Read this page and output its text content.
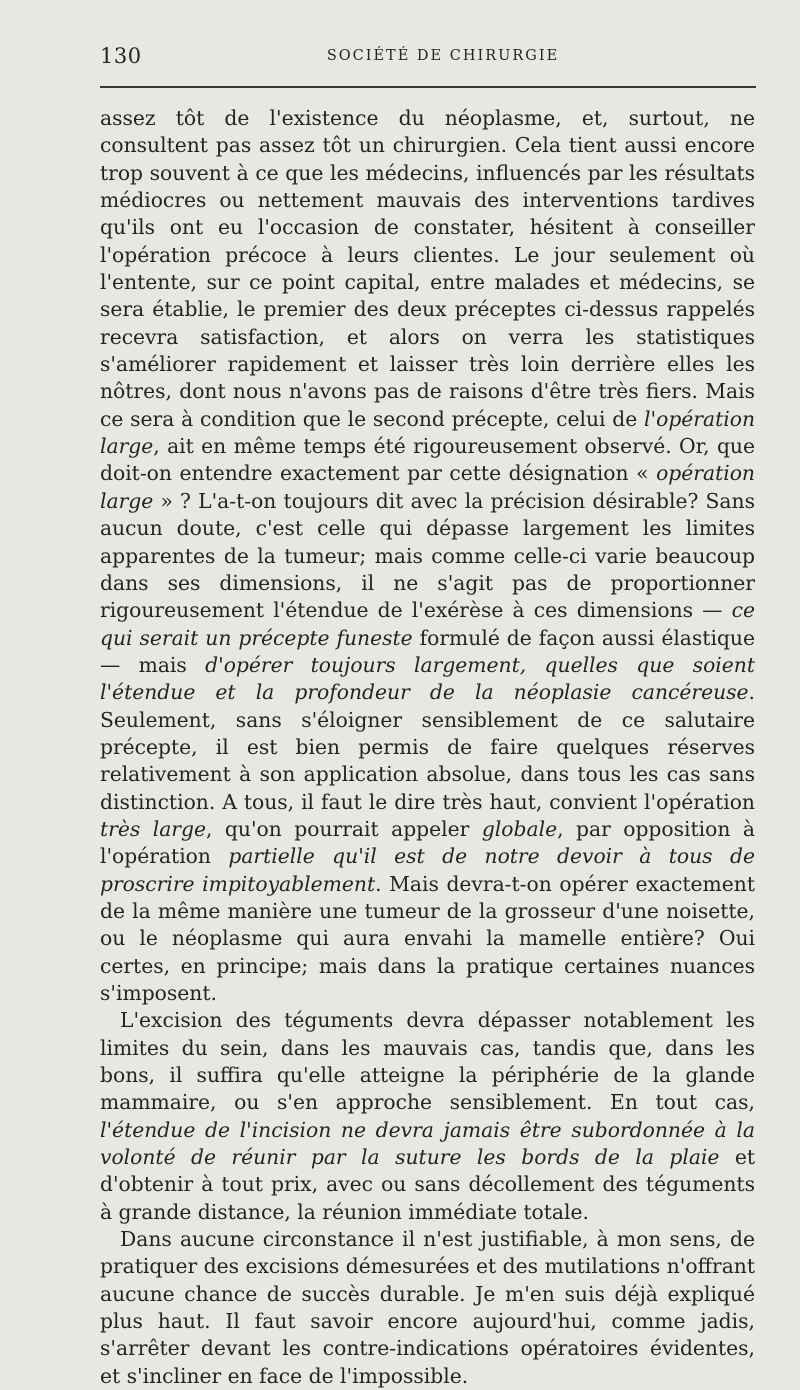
130	SOCIÉTÉ DE CHIRURGIE

assez tôt de l'existence du néoplasme, et, surtout, ne consultent pas assez tôt un chirurgien. Cela tient aussi encore trop souvent à ce que les médecins, influencés par les résultats médiocres ou nettement mauvais des interventions tardives qu'ils ont eu l'occasion de constater, hésitent à conseiller l'opération précoce à leurs clientes. Le jour seulement où l'entente, sur ce point capital, entre malades et médecins, se sera établie, le premier des deux préceptes ci-dessus rappelés recevra satisfaction, et alors on verra les statistiques s'améliorer rapidement et laisser très loin derrière elles les nôtres, dont nous n'avons pas de raisons d'être très fiers. Mais ce sera à condition que le second précepte, celui de l'opération large, ait en même temps été rigoureusement observé. Or, que doit-on entendre exactement par cette désignation « opération large » ? L'a-t-on toujours dit avec la précision désirable? Sans aucun doute, c'est celle qui dépasse largement les limites apparentes de la tumeur; mais comme celle-ci varie beaucoup dans ses dimensions, il ne s'agit pas de proportionner rigoureusement l'étendue de l'exérèse à ces dimensions — ce qui serait un précepte funeste formulé de façon aussi élastique — mais d'opérer toujours largement, quelles que soient l'étendue et la profondeur de la néoplasie cancéreuse. Seulement, sans s'éloigner sensiblement de ce salutaire précepte, il est bien permis de faire quelques réserves relativement à son application absolue, dans tous les cas sans distinction. A tous, il faut le dire très haut, convient l'opération très large, qu'on pourrait appeler globale, par opposition à l'opération partielle qu'il est de notre devoir à tous de proscrire impitoyablement. Mais devra-t-on opérer exactement de la même manière une tumeur de la grosseur d'une noisette, ou le néoplasme qui aura envahi la mamelle entière? Oui certes, en principe; mais dans la pratique certaines nuances s'imposent.

L'excision des téguments devra dépasser notablement les limites du sein, dans les mauvais cas, tandis que, dans les bons, il suffira qu'elle atteigne la périphérie de la glande mammaire, ou s'en approche sensiblement. En tout cas, l'étendue de l'incision ne devra jamais être subordonnée à la volonté de réunir par la suture les bords de la plaie et d'obtenir à tout prix, avec ou sans décollement des téguments à grande distance, la réunion immédiate totale.

Dans aucune circonstance il n'est justifiable, à mon sens, de pratiquer des excisions démesurées et des mutilations n'offrant aucune chance de succès durable. Je m'en suis déjà expliqué plus haut. Il faut savoir encore aujourd'hui, comme jadis, s'arrêter devant les contre-indications opératoires évidentes, et s'incliner en face de l'impossible.
